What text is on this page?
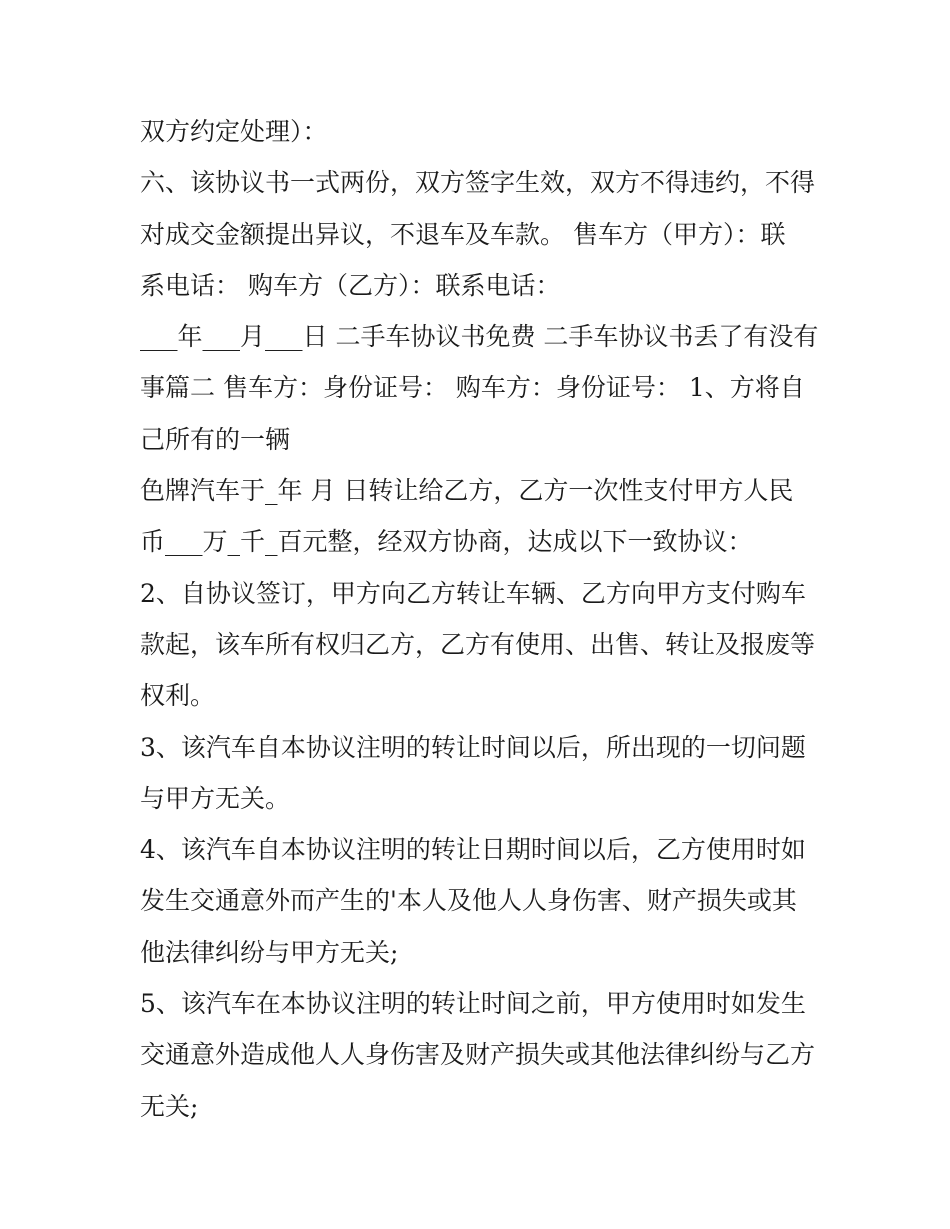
双方约定处理）：
六、该协议书一式两份，双方签字生效，双方不得违约，不得
对成交金额提出异议，不退车及车款。 售车方（甲方）：联
系电话： 购车方（乙方）：联系电话：
___年___月___日 二手车协议书免费 二手车协议书丢了有没有
事篇二 售车方：身份证号： 购车方：身份证号： 1、方将自
己所有的一辆
色牌汽车于_年 月 日转让给乙方，乙方一次性支付甲方人民
币___万_千_百元整，经双方协商，达成以下一致协议：
2、自协议签订，甲方向乙方转让车辆、乙方向甲方支付购车
款起，该车所有权归乙方，乙方有使用、出售、转让及报废等
权利。
3、该汽车自本协议注明的转让时间以后，所出现的一切问题
与甲方无关。
4、该汽车自本协议注明的转让日期时间以后，乙方使用时如
发生交通意外而产生的'本人及他人人身伤害、财产损失或其
他法律纠纷与甲方无关;
5、该汽车在本协议注明的转让时间之前，甲方使用时如发生
交通意外造成他人人身伤害及财产损失或其他法律纠纷与乙方
无关;
